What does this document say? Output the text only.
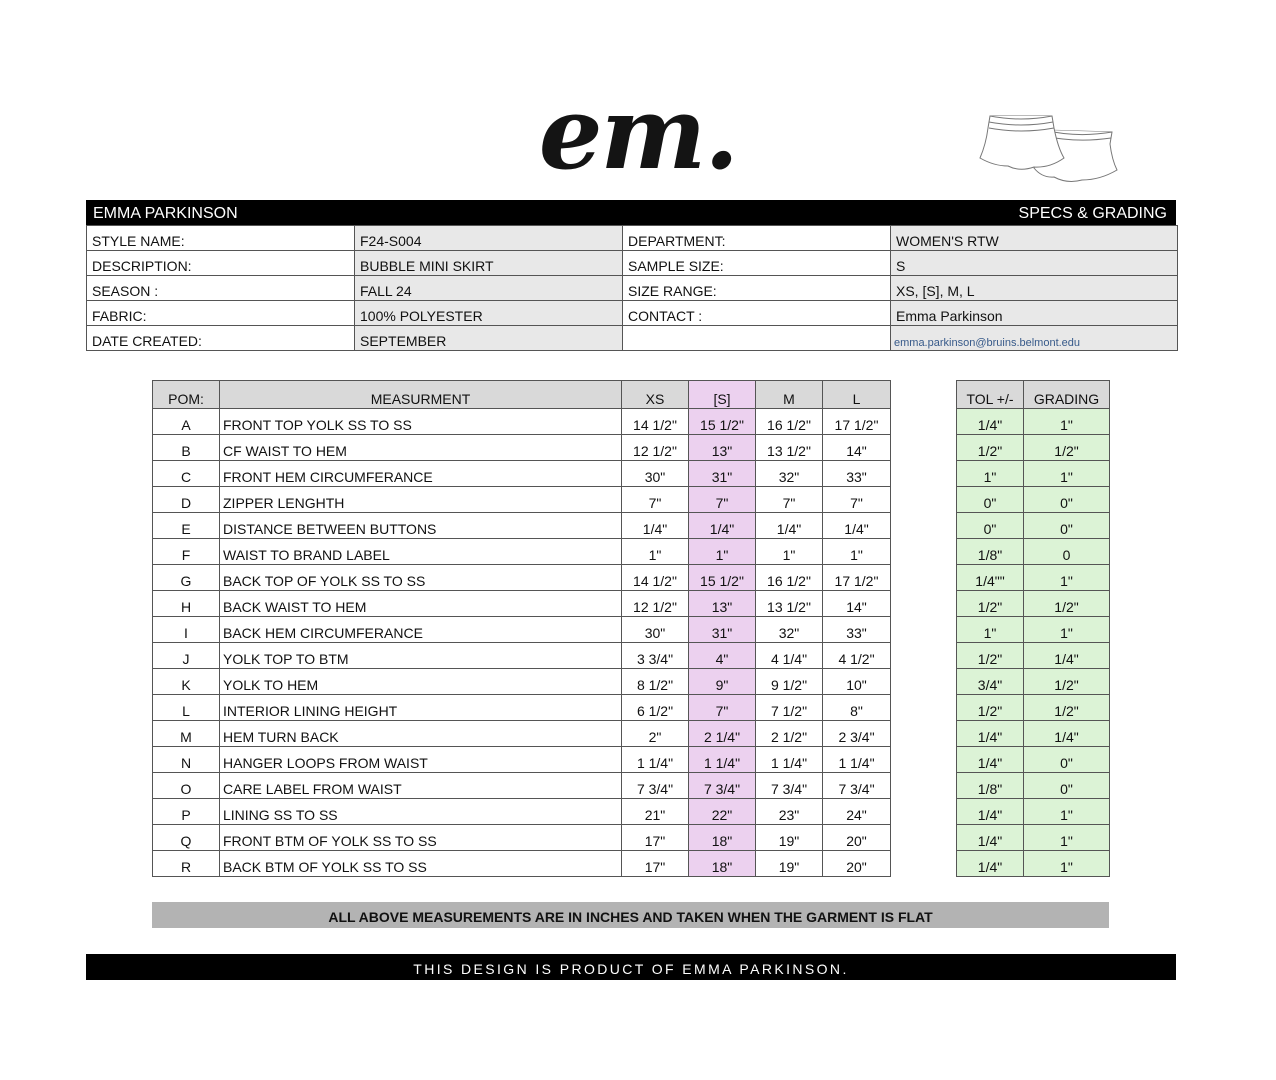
em.
EMMA PARKINSON	SPECS & GRADING
STYLE NAME:	F24-S004	DEPARTMENT:	WOMEN'S RTW
DESCRIPTION:	BUBBLE MINI SKIRT	SAMPLE SIZE:	S
SEASON :	FALL 24	SIZE RANGE:	XS, [S], M, L
FABRIC:	100% POLYESTER	CONTACT :	Emma Parkinson
DATE CREATED:	SEPTEMBER		emma.parkinson@bruins.belmont.edu
POM:	MEASURMENT	XS	[S]	M	L
A	FRONT TOP YOLK SS TO SS	14 1/2"	15 1/2"	16 1/2"	17 1/2"
B	CF WAIST TO HEM	12 1/2"	13"	13 1/2"	14"
C	FRONT HEM CIRCUMFERANCE	30"	31"	32"	33"
D	ZIPPER LENGHTH	7"	7"	7"	7"
E	DISTANCE BETWEEN BUTTONS	1/4"	1/4"	1/4"	1/4"
F	WAIST TO BRAND LABEL	1"	1"	1"	1"
G	BACK TOP OF YOLK SS TO SS	14 1/2"	15 1/2"	16 1/2"	17 1/2"
H	BACK WAIST TO HEM	12 1/2"	13"	13 1/2"	14"
I	BACK HEM CIRCUMFERANCE	30"	31"	32"	33"
J	YOLK TOP TO BTM	3 3/4"	4"	4 1/4"	4 1/2"
K	YOLK TO HEM	8 1/2"	9"	9 1/2"	10"
L	INTERIOR LINING HEIGHT	6 1/2"	7"	7 1/2"	8"
M	HEM TURN BACK	2"	2 1/4"	2 1/2"	2 3/4"
N	HANGER LOOPS FROM WAIST	1 1/4"	1 1/4"	1 1/4"	1 1/4"
O	CARE LABEL FROM WAIST	7 3/4"	7 3/4"	7 3/4"	7 3/4"
P	LINING SS TO SS	21"	22"	23"	24"
Q	FRONT BTM OF YOLK SS TO SS	17"	18"	19"	20"
R	BACK BTM OF YOLK SS TO SS	17"	18"	19"	20"
TOL +/-	GRADING
1/4"	1"
1/2"	1/2"
1"	1"
0"	0"
0"	0"
1/8"	0
1/4""	1"
1/2"	1/2"
1"	1"
1/2"	1/4"
3/4"	1/2"
1/2"	1/2"
1/4"	1/4"
1/4"	0"
1/8"	0"
1/4"	1"
1/4"	1"
1/4"	1"
ALL ABOVE MEASUREMENTS ARE IN INCHES AND TAKEN WHEN THE GARMENT IS FLAT
THIS DESIGN IS PRODUCT OF EMMA PARKINSON.
